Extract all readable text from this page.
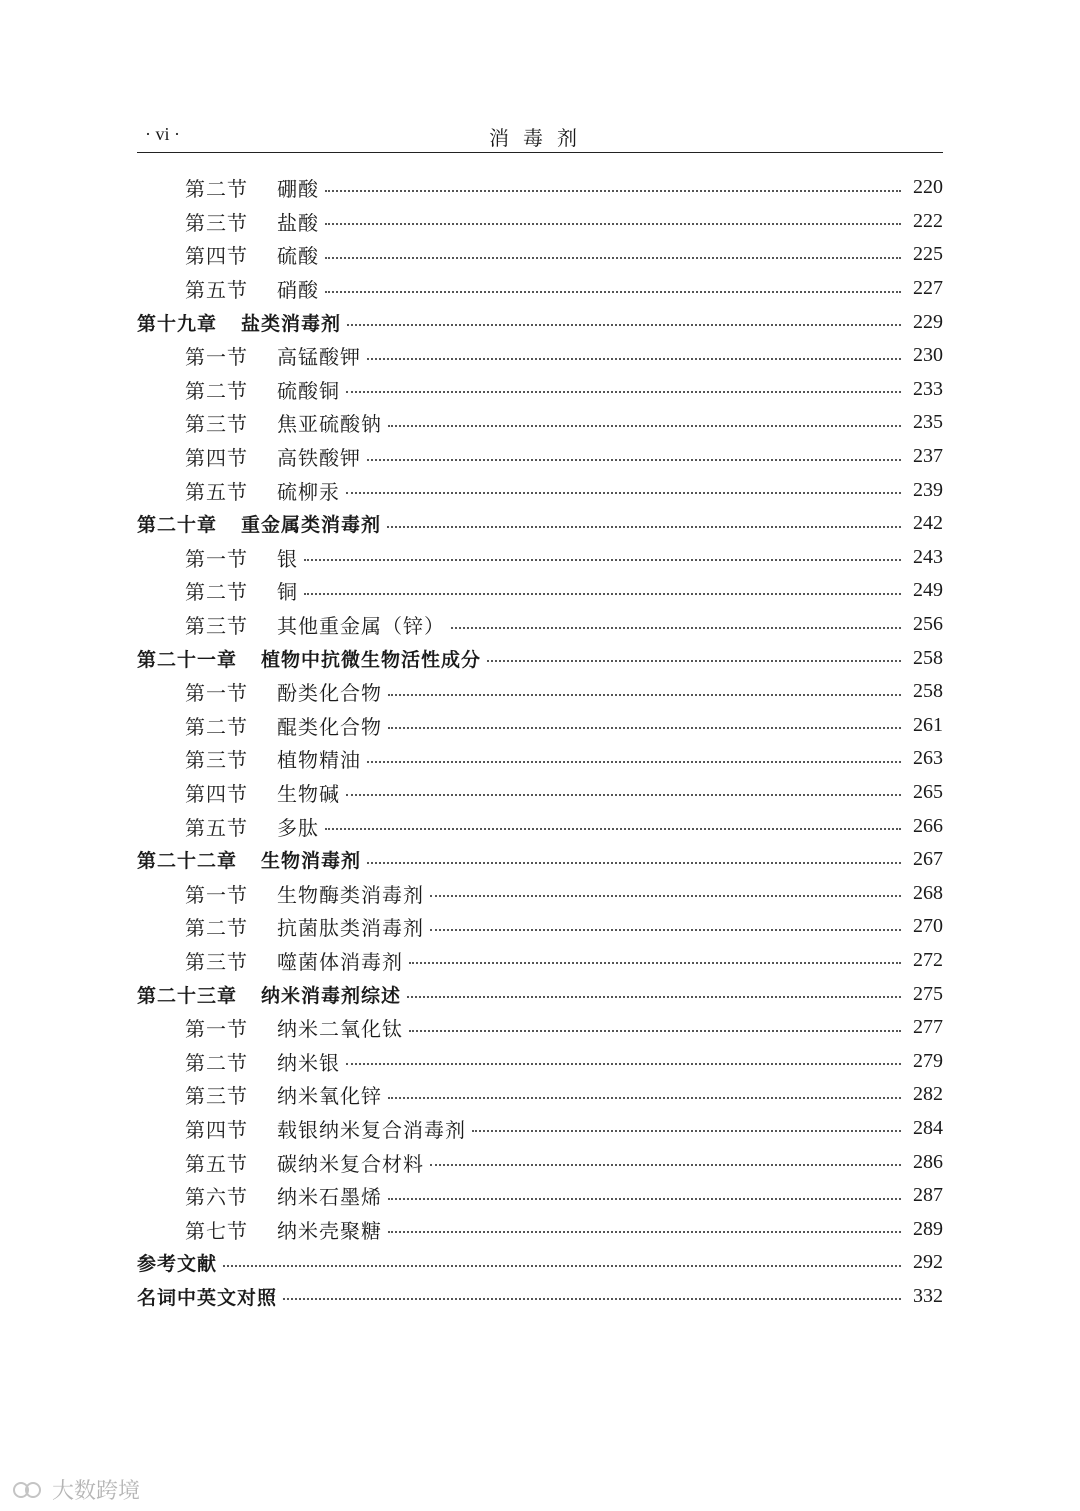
· vi ·	消毒剂
第二节	硼酸	220
第三节	盐酸	222
第四节	硫酸	225
第五节	硝酸	227
第十九章	盐类消毒剂	229
第一节	高锰酸钾	230
第二节	硫酸铜	233
第三节	焦亚硫酸钠	235
第四节	高铁酸钾	237
第五节	硫柳汞	239
第二十章	重金属类消毒剂	242
第一节	银	243
第二节	铜	249
第三节	其他重金属（锌）	256
第二十一章	植物中抗微生物活性成分	258
第一节	酚类化合物	258
第二节	醌类化合物	261
第三节	植物精油	263
第四节	生物碱	265
第五节	多肽	266
第二十二章	生物消毒剂	267
第一节	生物酶类消毒剂	268
第二节	抗菌肽类消毒剂	270
第三节	噬菌体消毒剂	272
第二十三章	纳米消毒剂综述	275
第一节	纳米二氧化钛	277
第二节	纳米银	279
第三节	纳米氧化锌	282
第四节	载银纳米复合消毒剂	284
第五节	碳纳米复合材料	286
第六节	纳米石墨烯	287
第七节	纳米壳聚糖	289
参考文献	292
名词中英文对照	332
大数跨境
